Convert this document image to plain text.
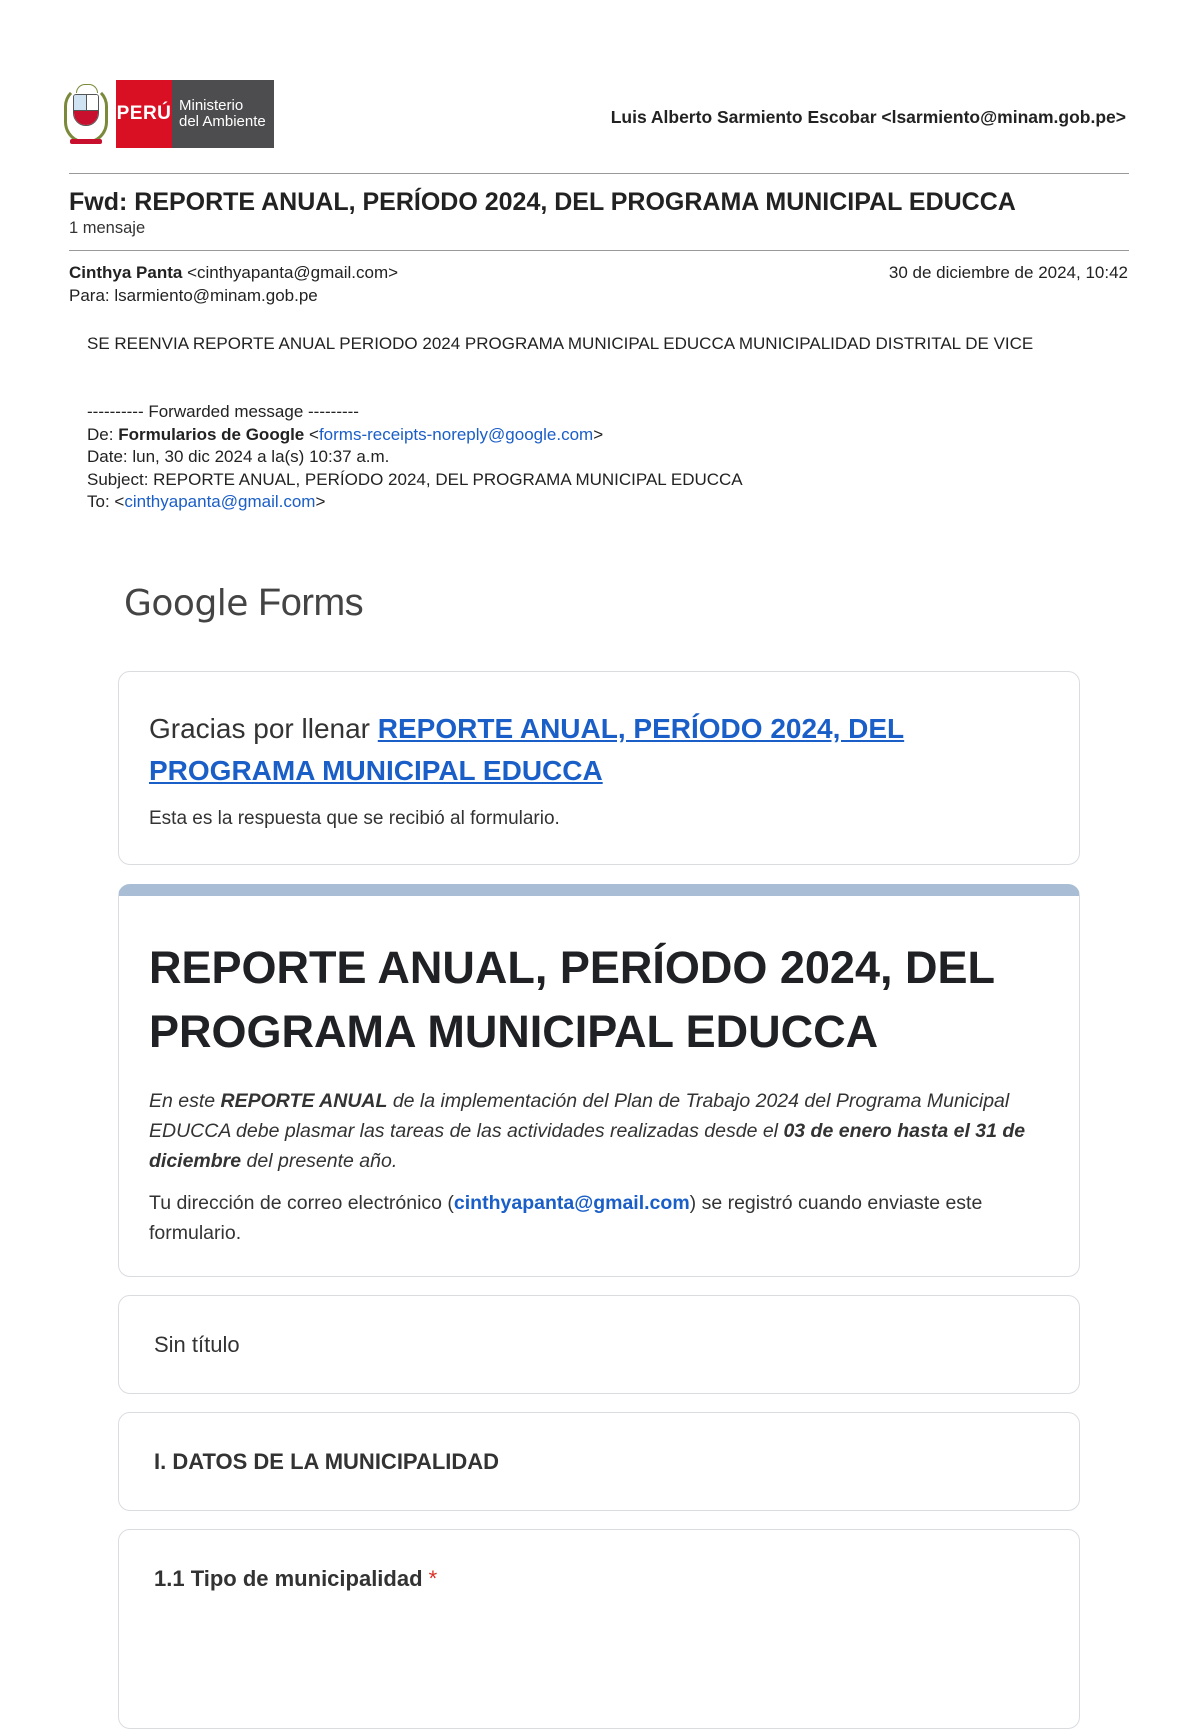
PERÚ Ministerio
del Ambiente	Luis Alberto Sarmiento Escobar <lsarmiento@minam.gob.pe>
Fwd: REPORTE ANUAL, PERÍODO 2024, DEL PROGRAMA MUNICIPAL EDUCCA
1 mensaje
Cinthya Panta <cinthyapanta@gmail.com>	30 de diciembre de 2024, 10:42
Para: lsarmiento@minam.gob.pe
SE REENVIA REPORTE ANUAL PERIODO 2024 PROGRAMA MUNICIPAL EDUCCA MUNICIPALIDAD DISTRITAL DE VICE
---------- Forwarded message ---------
De: Formularios de Google <forms-receipts-noreply@google.com>
Date: lun, 30 dic 2024 a la(s) 10:37 a.m.
Subject: REPORTE ANUAL, PERÍODO 2024, DEL PROGRAMA MUNICIPAL EDUCCA
To: <cinthyapanta@gmail.com>
Google Forms
Gracias por llenar REPORTE ANUAL, PERÍODO 2024, DEL PROGRAMA MUNICIPAL EDUCCA
Esta es la respuesta que se recibió al formulario.
REPORTE ANUAL, PERÍODO 2024, DEL PROGRAMA MUNICIPAL EDUCCA
En este REPORTE ANUAL de la implementación del Plan de Trabajo 2024 del Programa Municipal EDUCCA debe plasmar las tareas de las actividades realizadas desde el 03 de enero hasta el 31 de diciembre del presente año.
Tu dirección de correo electrónico (cinthyapanta@gmail.com) se registró cuando enviaste este formulario.
Sin título
I. DATOS DE LA MUNICIPALIDAD
1.1 Tipo de municipalidad *
